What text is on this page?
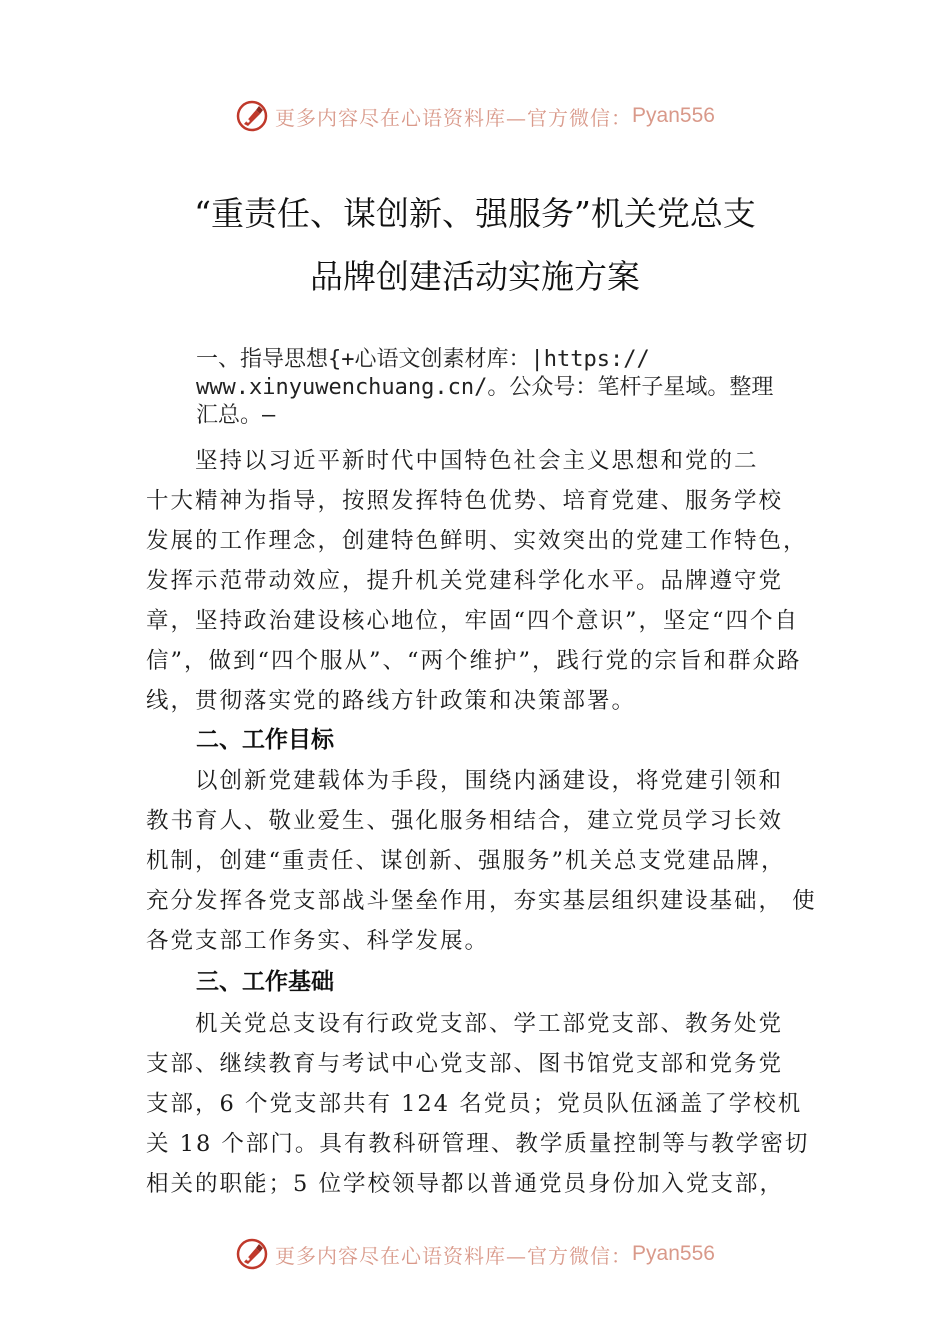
更多内容尽在心语资料库—官方微信： Pyan556
“重责任、谋创新、强服务”机关党总支
品牌创建活动实施方案
一、指导思想{+心语文创素材库：|https://
www.xinyuwenchuang.cn/。公众号：笔杆子星域。整理
汇总。—
　　坚持以习近平新时代中国特色社会主义思想和党的二
十大精神为指导，按照发挥特色优势、培育党建、服务学校
发展的工作理念，创建特色鲜明、实效突出的党建工作特色，
发挥示范带动效应，提升机关党建科学化水平。品牌遵守党
章，坚持政治建设核心地位，牢固“四个意识”，坚定“四个自
信”，做到“四个服从”、“两个维护”，践行党的宗旨和群众路
线，贯彻落实党的路线方针政策和决策部署。
二、工作目标
　　以创新党建载体为手段，围绕内涵建设，将党建引领和
教书育人、敬业爱生、强化服务相结合，建立党员学习长效
机制，创建“重责任、谋创新、强服务”机关总支党建品牌，
充分发挥各党支部战斗堡垒作用，夯实基层组织建设基础， 使
各党支部工作务实、科学发展。
三、工作基础
　　机关党总支设有行政党支部、学工部党支部、教务处党
支部、继续教育与考试中心党支部、图书馆党支部和党务党
支部，6 个党支部共有 124 名党员；党员队伍涵盖了学校机
关 18 个部门。具有教科研管理、教学质量控制等与教学密切
相关的职能；5 位学校领导都以普通党员身份加入党支部，
更多内容尽在心语资料库—官方微信： Pyan556
